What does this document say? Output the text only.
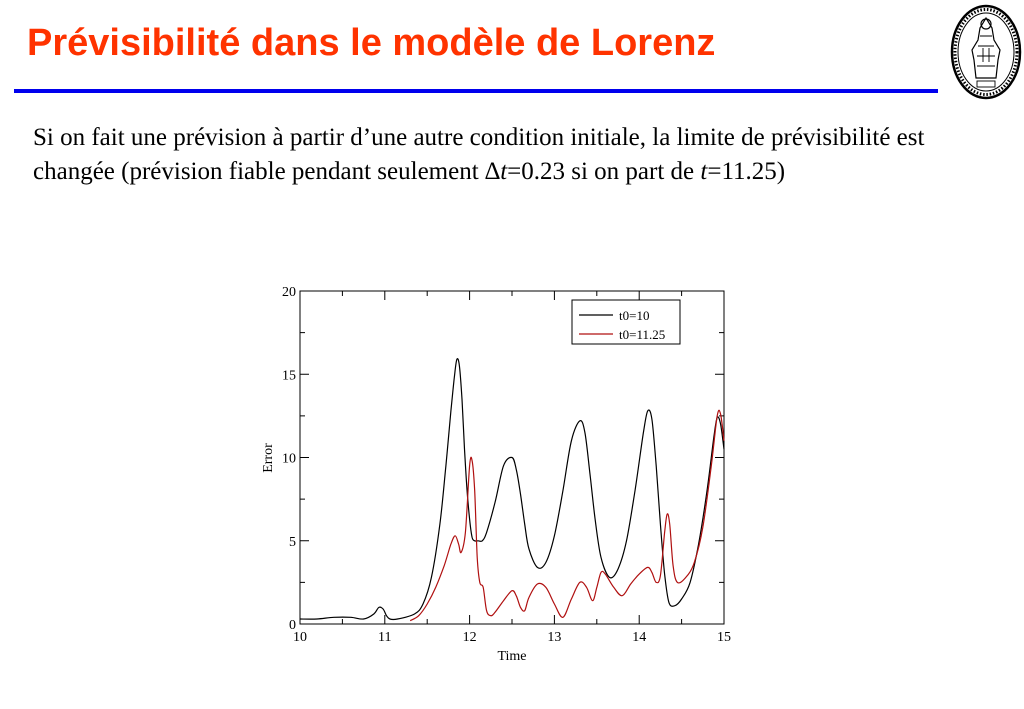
Prévisibilité dans le modèle de Lorenz

Si on fait une prévision à partir d’une autre condition initiale, la limite de prévisibilité est changée (prévision fiable pendant seulement ∆t=0.23 si on part de t=11.25)

10	11	12	13	14	15
0
5
10
15
20
t0=10
t0=11.25
Time
Error
